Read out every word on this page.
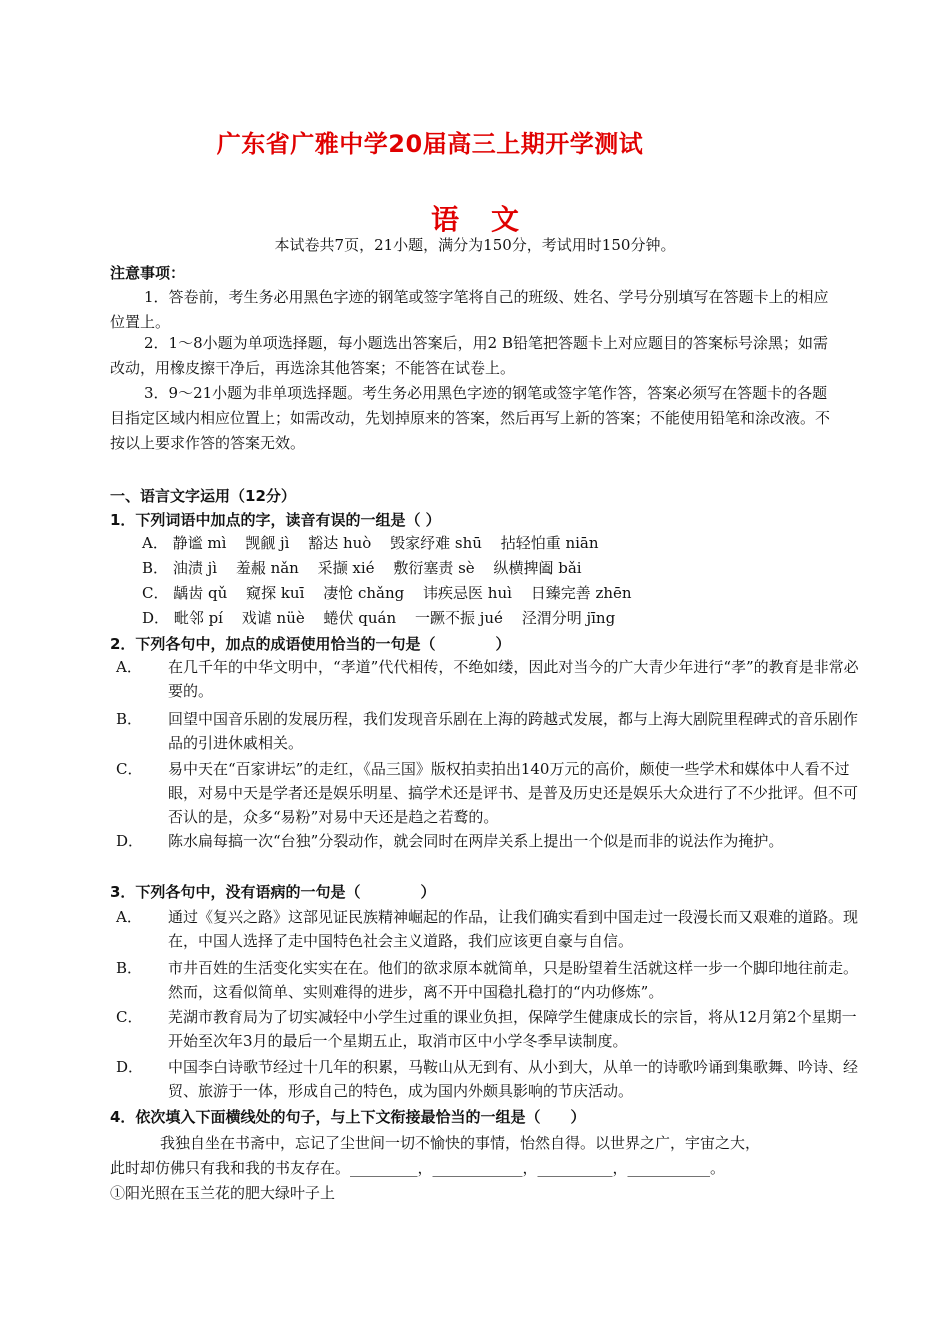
广东省广雅中学20届高三上期开学测试
语文
本试卷共7页，21小题，满分为150分，考试用时150分钟。
注意事项：
1．答卷前，考生务必用黑色字迹的钢笔或签字笔将自己的班级、姓名、学号分别填写在答题卡上的相应位置上。
2．1～8小题为单项选择题，每小题选出答案后，用2 B铅笔把答题卡上对应题目的答案标号涂黑；如需改动，用橡皮擦干净后，再选涂其他答案；不能答在试卷上。
3．9～21小题为非单项选择题。考生务必用黑色字迹的钢笔或签字笔作答，答案必须写在答题卡的各题目指定区域内相应位置上；如需改动，先划掉原来的答案，然后再写上新的答案；不能使用铅笔和涂改液。不按以上要求作答的答案无效。
一、语言文字运用（12分）
1．下列词语中加点的字，读音有误的一组是（ ）
A． 静谧 mì 觊觎 jì 豁达 huò 毁家纾难 shū 拈轻怕重 niān
B． 油渍 jì 羞赧 nǎn 采撷 xié 敷衍塞责 sè 纵横捭阖 bǎi
C． 龋齿 qǔ 窥探 kuī 凄怆 chǎng 讳疾忌医 huì 日臻完善 zhēn
D． 毗邻 pí 戏谑 nüè 蜷伏 quán 一蹶不振 jué 泾渭分明 jīng
2．下列各句中，加点的成语使用恰当的一句是（　　　　）
A． 在几千年的中华文明中，“孝道”代代相传，不绝如缕，因此对当今的广大青少年进行“孝”的教育是非常必要的。
B． 回望中国音乐剧的发展历程，我们发现音乐剧在上海的跨越式发展，都与上海大剧院里程碑式的音乐剧作品的引进休戚相关。
C． 易中天在“百家讲坛”的走红，《品三国》版权拍卖拍出140万元的高价，颇使一些学术和媒体中人看不过眼，对易中天是学者还是娱乐明星、搞学术还是评书、是普及历史还是娱乐大众进行了不少批评。但不可否认的是，众多“易粉”对易中天还是趋之若鹜的。
D． 陈水扁每搞一次“台独”分裂动作，就会同时在两岸关系上提出一个似是而非的说法作为掩护。
3．下列各句中，没有语病的一句是（　　　　）
A． 通过《复兴之路》这部见证民族精神崛起的作品，让我们确实看到中国走过一段漫长而又艰难的道路。现在，中国人选择了走中国特色社会主义道路，我们应该更自豪与自信。
B． 市井百姓的生活变化实实在在。他们的欲求原本就简单，只是盼望着生活就这样一步一个脚印地往前走。然而，这看似简单、实则难得的进步，离不开中国稳扎稳打的“内功修炼”。
C． 芜湖市教育局为了切实减轻中小学生过重的课业负担，保障学生健康成长的宗旨，将从12月第2个星期一开始至次年3月的最后一个星期五止，取消市区中小学冬季早读制度。
D． 中国李白诗歌节经过十几年的积累，马鞍山从无到有、从小到大，从单一的诗歌吟诵到集歌舞、吟诗、经贸、旅游于一体，形成自己的特色，成为国内外颇具影响的节庆活动。
4．依次填入下面横线处的句子，与上下文衔接最恰当的一组是（　　）
我独自坐在书斋中，忘记了尘世间一切不愉快的事情，怡然自得。以世界之广，宇宙之大，
此时却仿佛只有我和我的书友存在。_________，____________，__________，___________。
①阳光照在玉兰花的肥大绿叶子上
